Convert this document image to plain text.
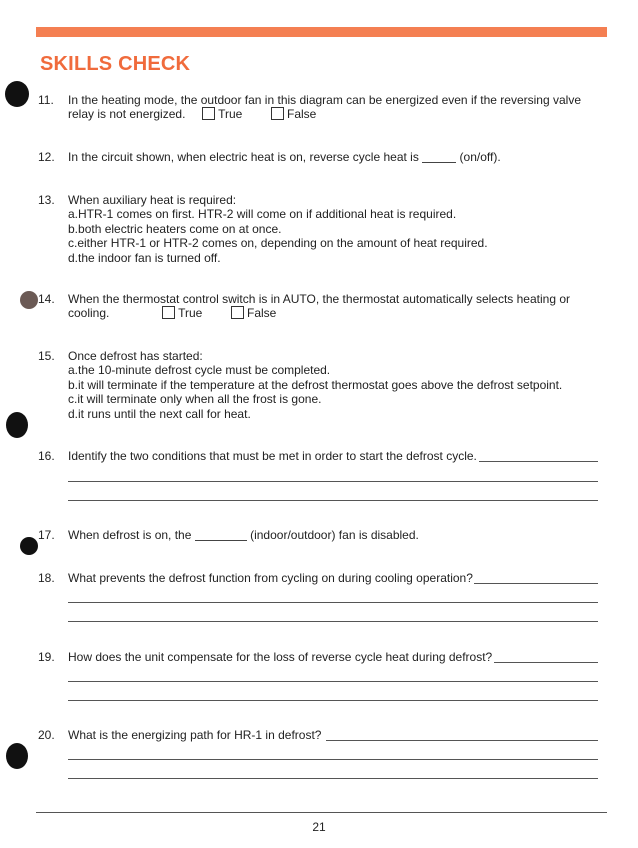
SKILLS CHECK
11.	In the heating mode, the outdoor fan in this diagram can be energized even if the reversing valve
relay is not energized.	True	False
12. In the circuit shown, when electric heat is on, reverse cycle heat is	(on/off).
13. When auxiliary heat is required:
a.HTR-1 comes on first. HTR-2 will come on if additional heat is required.
b.both electric heaters come on at once.
c.either HTR-1 or HTR-2 comes on, depending on the amount of heat required.
d.the indoor fan is turned off.
14. When the thermostat control switch is in AUTO, the thermostat automatically selects heating or
cooling.	True	False
15. Once defrost has started:
a.the 10-minute defrost cycle must be completed.
b.it will terminate if the temperature at the defrost thermostat goes above the defrost setpoint.
c.it will terminate only when all the frost is gone.
d.it runs until the next call for heat.
16. Identify the two conditions that must be met in order to start the defrost cycle.
17. When defrost is on, the	(indoor/outdoor) fan is disabled.
18. What prevents the defrost function from cycling on during cooling operation?
19. How does the unit compensate for the loss of reverse cycle heat during defrost?
20. What is the energizing path for HR-1 in defrost?
21
